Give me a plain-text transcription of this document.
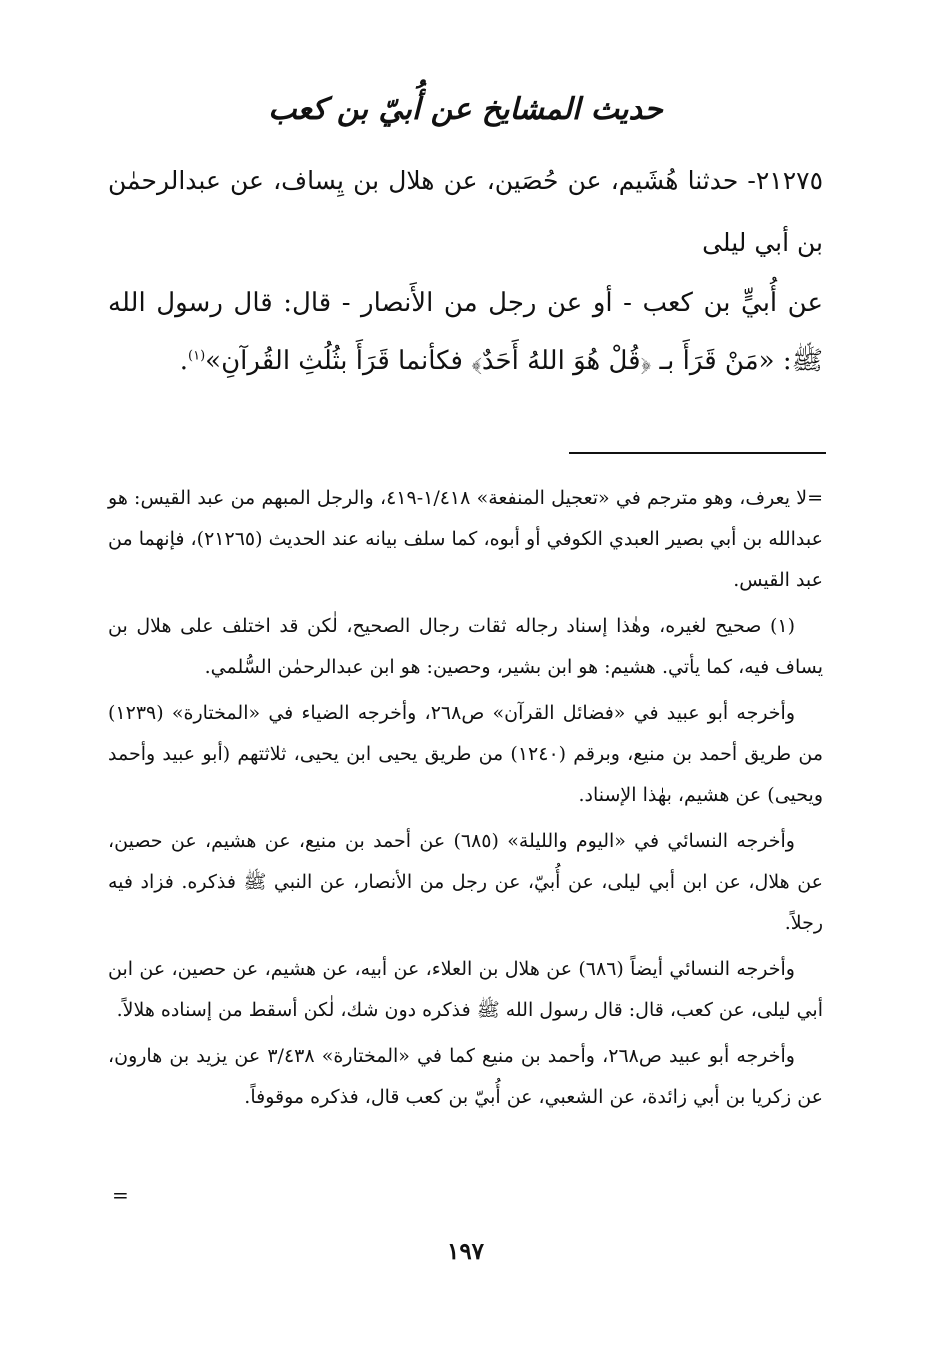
حديث المشايخ عن أُبيّ بن كعب

٢١٢٧٥- حدثنا هُشَيم، عن حُصَين، عن هلال بن يِساف، عن عبدالرحمٰن بن أبي ليلى

عن أُبيٍّ بن كعب - أو عن رجل من الأَنصار - قال: قال رسول الله ﷺ: «مَنْ قَرَأَ بـ ﴿قُلْ هُوَ اللهُ أَحَدٌ﴾ فكأنما قَرَأَ بثُلُثِ القُرآنِ»$^{(١)}$.

=لا يعرف، وهو مترجم في «تعجيل المنفعة» ١/٤١٨-٤١٩، والرجل المبهم من عبد القيس: هو عبدالله بن أبي بصير العبدي الكوفي أو أبوه، كما سلف بيانه عند الحديث (٢١٢٦٥)، فإنهما من عبد القيس.

(١) صحيح لغيره، وهٰذا إسناد رجاله ثقات رجال الصحيح، لٰكن قد اختلف على هلال بن يساف فيه، كما يأتي. هشيم: هو ابن بشير، وحصين: هو ابن عبدالرحمٰن السُّلمي.

وأخرجه أبو عبيد في «فضائل القرآن» ص٢٦٨، وأخرجه الضياء في «المختارة» (١٢٣٩) من طريق أحمد بن منيع، وبرقم (١٢٤٠) من طريق يحيى ابن يحيى، ثلاثتهم (أبو عبيد وأحمد ويحيى) عن هشيم، بهٰذا الإسناد.

وأخرجه النسائي في «اليوم والليلة» (٦٨٥) عن أحمد بن منيع، عن هشيم، عن حصين، عن هلال، عن ابن أبي ليلى، عن أُبيّ، عن رجل من الأنصار، عن النبي ﷺ فذكره. فزاد فيه رجلاً.

وأخرجه النسائي أيضاً (٦٨٦) عن هلال بن العلاء، عن أبيه، عن هشيم، عن حصين، عن ابن أبي ليلى، عن كعب، قال: قال رسول الله ﷺ فذكره دون شك، لٰكن أسقط من إسناده هلالاً.

وأخرجه أبو عبيد ص٢٦٨، وأحمد بن منيع كما في «المختارة» ٣/٤٣٨ عن يزيد بن هارون، عن زكريا بن أبي زائدة، عن الشعبي، عن أُبيّ بن كعب قال، فذكره موقوفاً.

=
١٩٧
